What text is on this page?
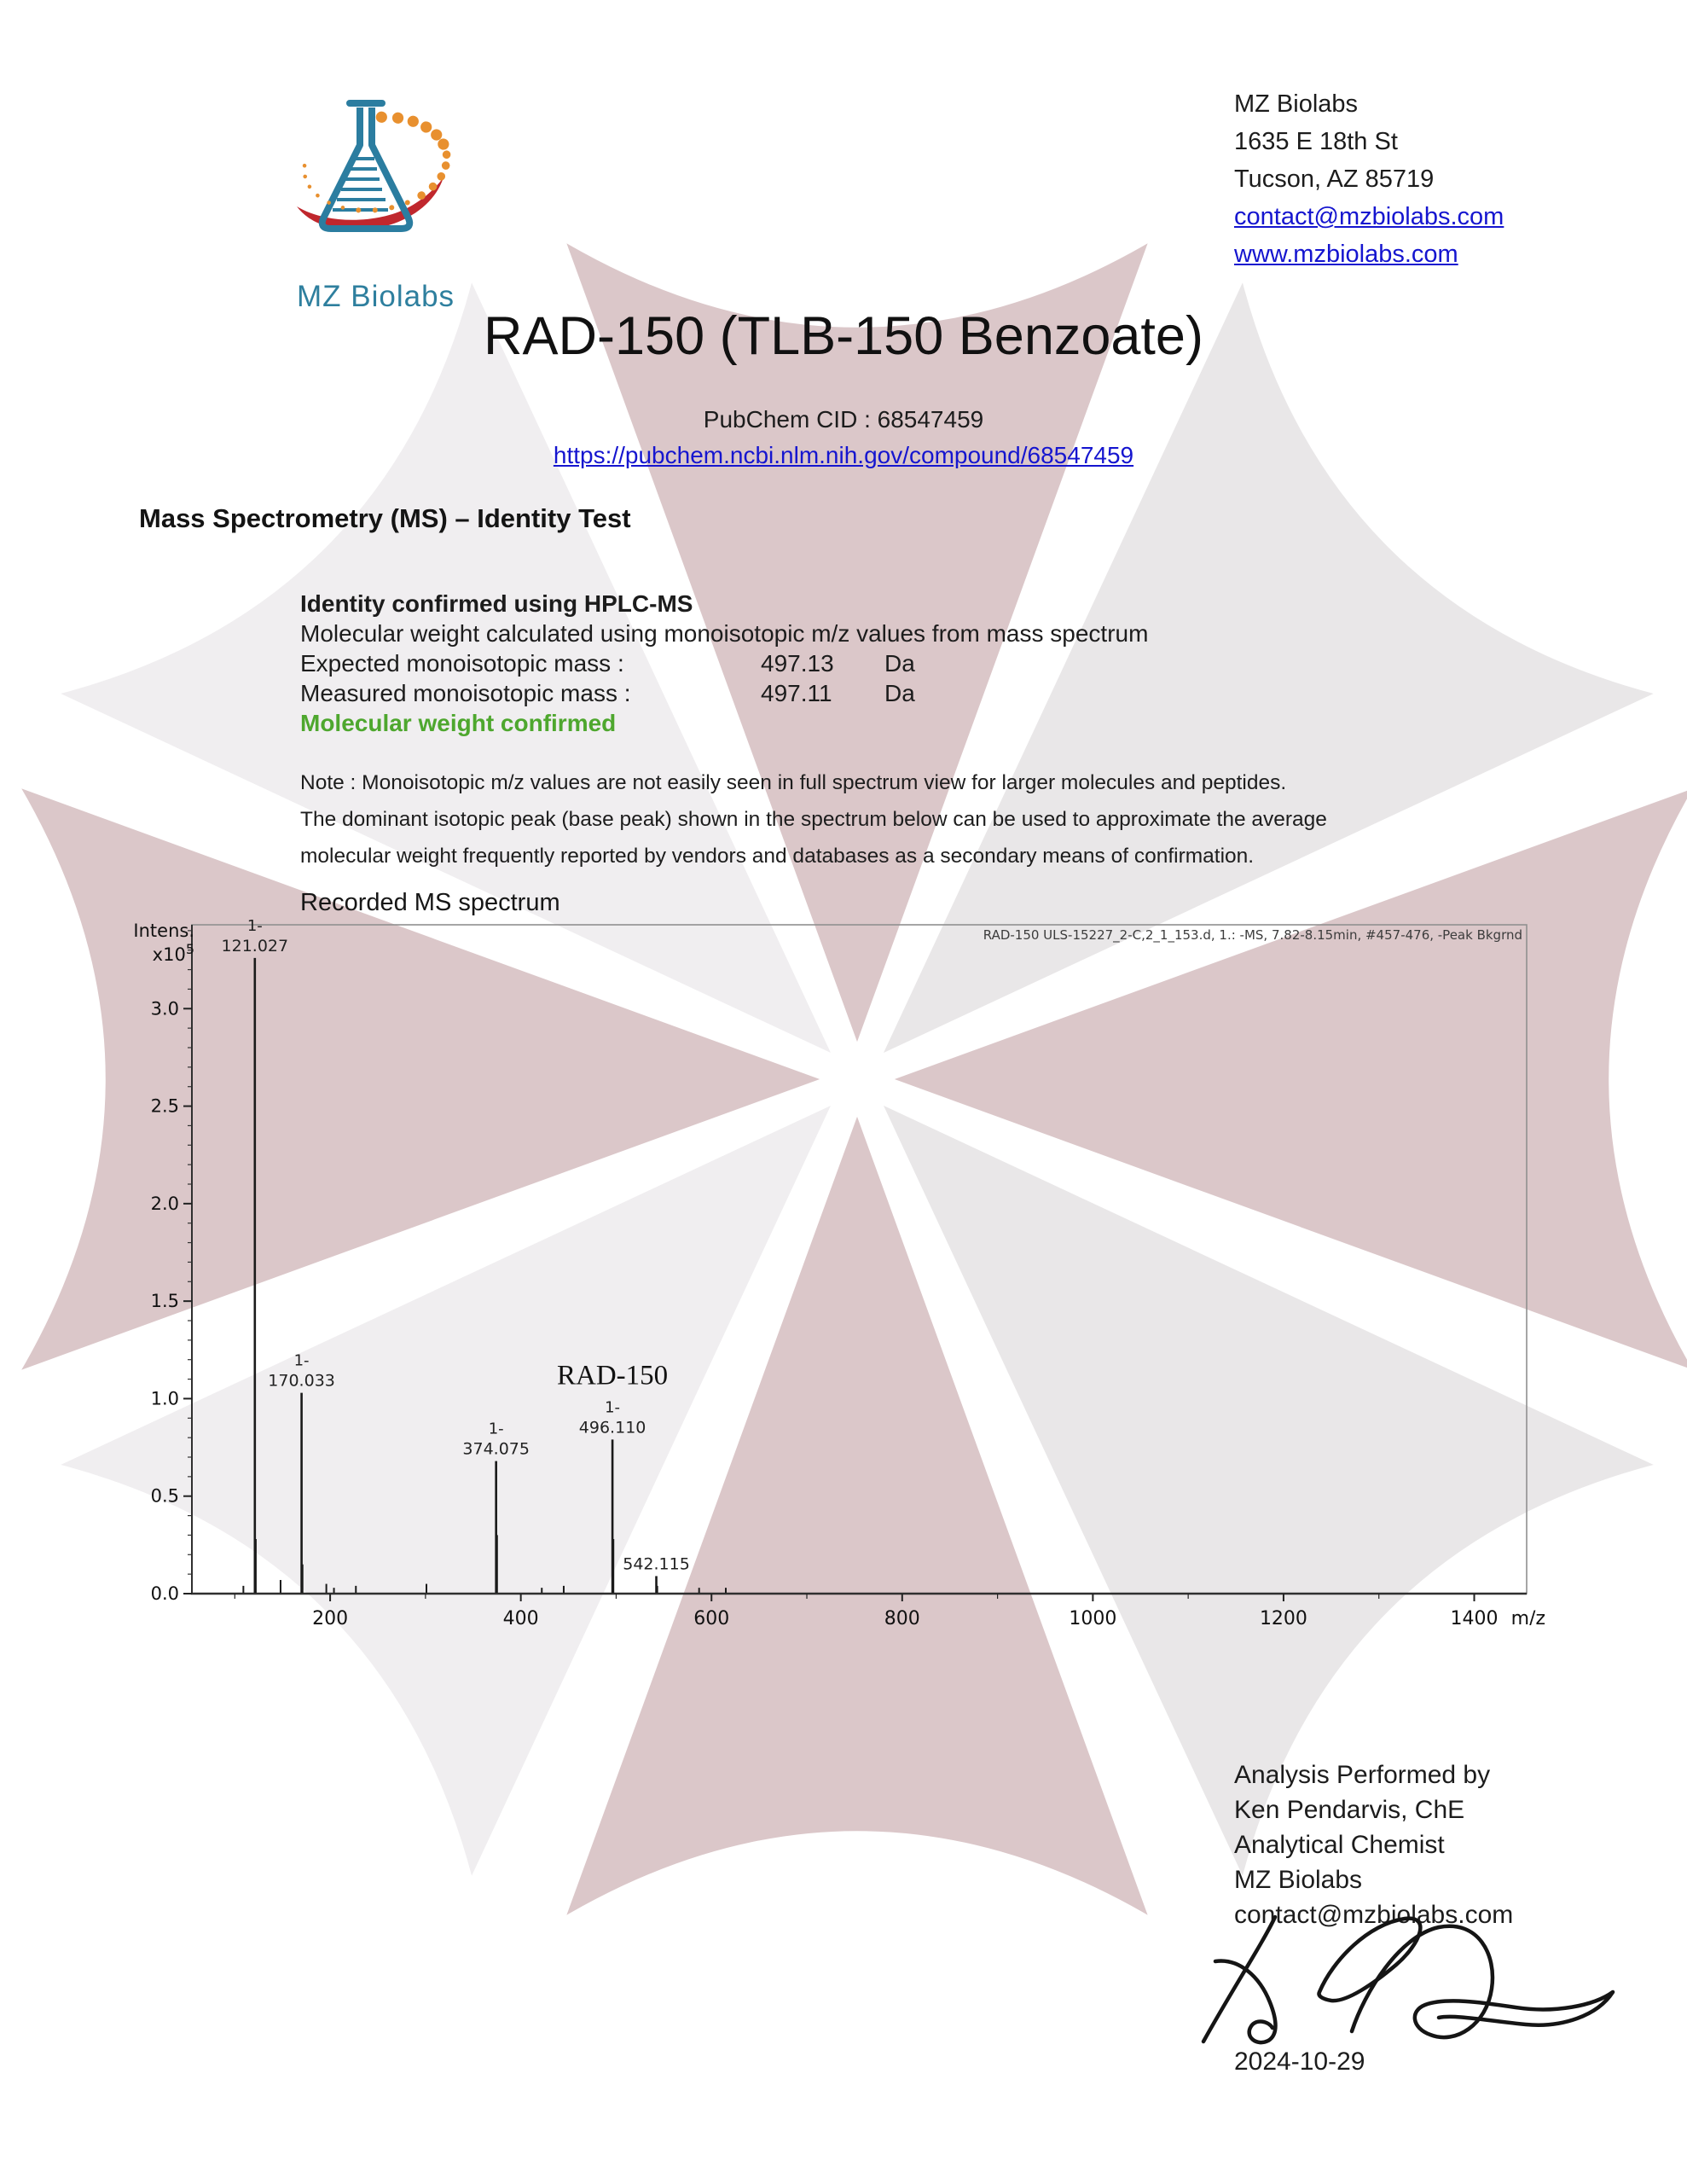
MZ Biolabs
MZ Biolabs
1635 E 18th St
Tucson, AZ 85719
contact@mzbiolabs.com
www.mzbiolabs.com
RAD-150 (TLB-150 Benzoate)
PubChem CID : 68547459
https://pubchem.ncbi.nlm.nih.gov/compound/68547459
Mass Spectrometry (MS) – Identity Test
Identity confirmed using HPLC-MS
Molecular weight calculated using monoisotopic m/z values from mass spectrum
Expected monoisotopic mass :	497.13	Da
Measured monoisotopic mass :	497.11	Da
Molecular weight confirmed
Note : Monoisotopic m/z values are not easily seen in full spectrum view for larger molecules and peptides.
The dominant isotopic peak (base peak) shown in the spectrum below can be used to approximate the average
molecular weight frequently reported by vendors and databases as a secondary means of confirmation.
Recorded MS spectrum
0.0
0.5
1.0
1.5
2.0
2.5
3.0
200	400	600	800	1000	1200	1400 m/z
Intens.
$x10^5$
RAD-150 ULS-15227_2-C,2_1_153.d, 1.: -MS, 7.82-8.15min, #457-476, -Peak Bkgrnd
121.027
1-
170.033
1-
374.075
1-	496.110
1-
RAD-150
542.115
Analysis Performed by
Ken Pendarvis, ChE
Analytical Chemist
MZ Biolabs
contact@mzbiolabs.com
2024-10-29
